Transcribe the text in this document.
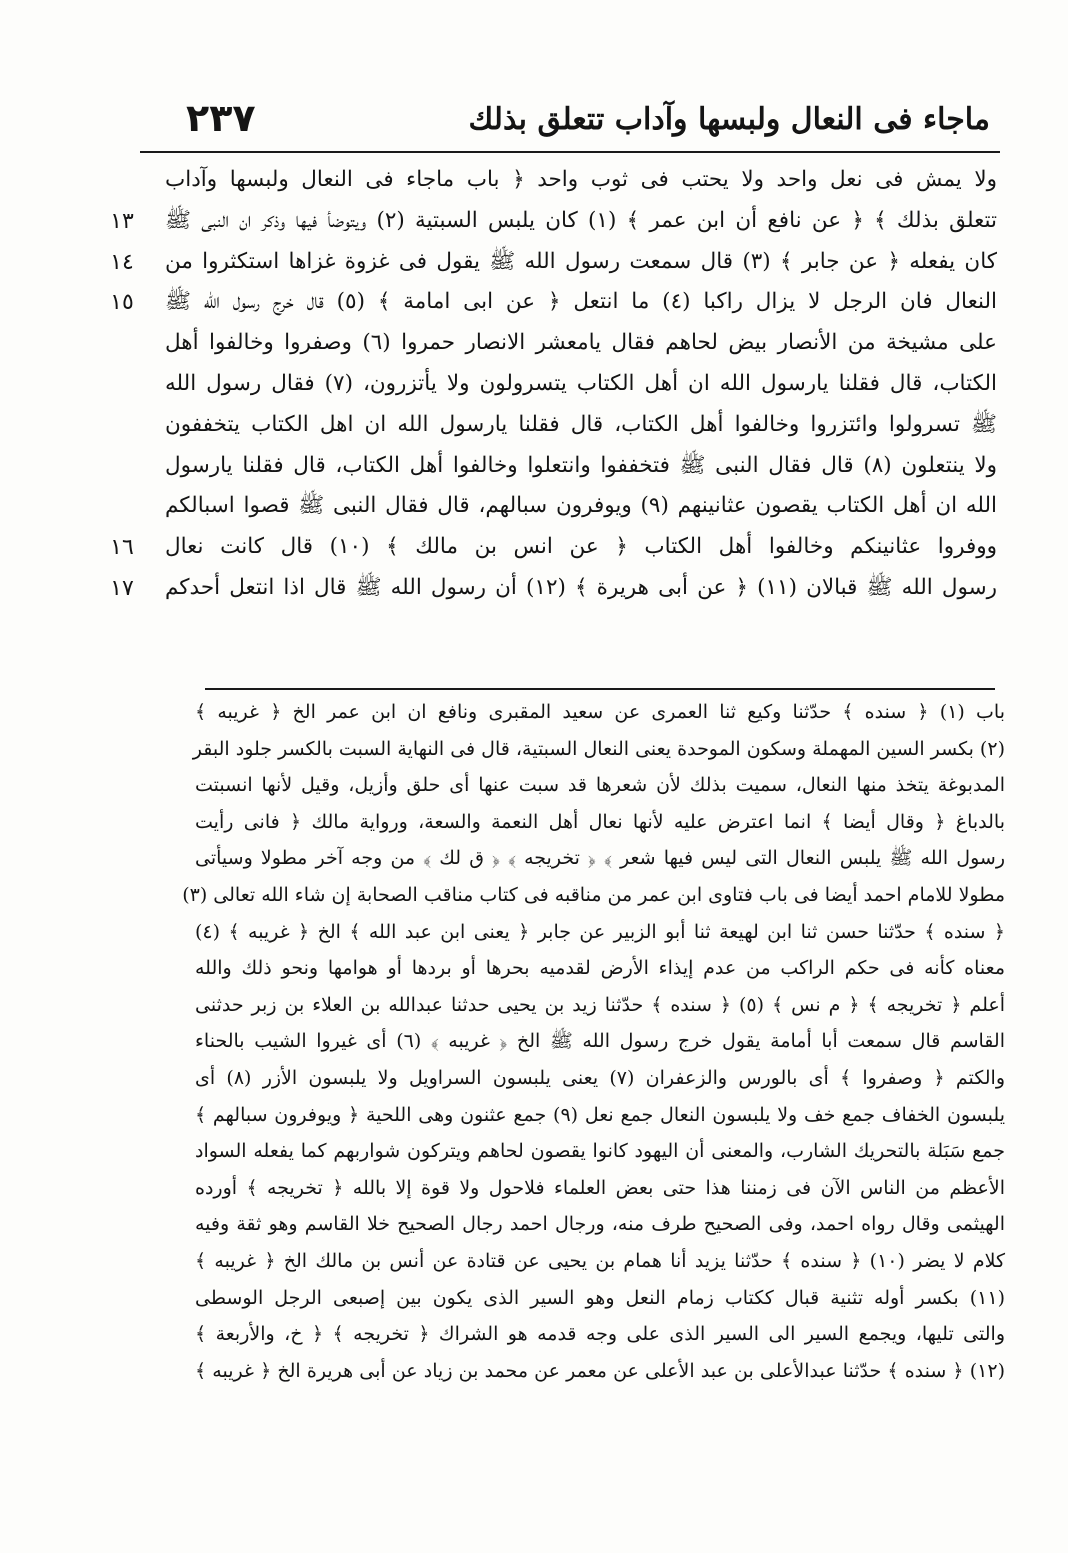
٢٣٧	ماجاء فى النعال ولبسها وآداب تتعلق بذلك
١٣
١٤
١٥
١٦
١٧
ولا يمش فى نعل واحد ولا يحتب فى ثوب واحد ﴿ باب ماجاء فى النعال ولبسها وآداب
تتعلق بذلك ﴾ ﴿ عن نافع أن ابن عمر ﴾ (١) كان يلبس السبتية (٢) ويتوضأ فيها وذكر ان النبى ﷺ
كان يفعله ﴿ عن جابر ﴾ (٣) قال سمعت رسول الله ﷺ يقول فى غزوة غزاها استكثروا من
النعال فان الرجل لا يزال راكبا (٤) ما انتعل ﴿ عن ابى امامة ﴾ (٥) قال خرج رسول الله ﷺ
على مشيخة من الأنصار بيض لحاهم فقال يامعشر الانصار حمروا (٦) وصفروا وخالفوا أهل
الكتاب، قال فقلنا يارسول الله ان أهل الكتاب يتسرولون ولا يأتزرون، (٧) فقال رسول الله
ﷺ تسرولوا وائتزروا وخالفوا أهل الكتاب، قال فقلنا يارسول الله ان اهل الكتاب يتخففون
ولا ينتعلون (٨) قال فقال النبى ﷺ فتخففوا وانتعلوا وخالفوا أهل الكتاب، قال فقلنا يارسول
الله ان أهل الكتاب يقصون عثانينهم (٩) ويوفرون سبالهم، قال فقال النبى ﷺ قصوا اسبالكم
ووفروا عثانينكم وخالفوا أهل الكتاب ﴿ عن انس بن مالك ﴾ (١٠) قال كانت نعال
رسول الله ﷺ قبالان (١١) ﴿ عن أبى هريرة ﴾ (١٢) أن رسول الله ﷺ قال اذا انتعل أحدكم
باب (١) ﴿ سنده ﴾ حدّثنا وكيع ثنا العمرى عن سعيد المقبرى ونافع ان ابن عمر الخ ﴿ غريبه ﴾
(٢) بكسر السين المهملة وسكون الموحدة يعنى النعال السبتية، قال فى النهاية السبت بالكسر جلود البقر
المدبوغة يتخذ منها النعال، سميت بذلك لأن شعرها قد سبت عنها أى حلق وأزيل، وقيل لأنها انسبتت
بالدباغ ﴿ وقال أيضا ﴾ انما اعترض عليه لأنها نعال أهل النعمة والسعة، ورواية مالك ﴿ فانى رأيت
رسول الله ﷺ يلبس النعال التى ليس فيها شعر ﴾ ﴿ تخريجه ﴾ ﴿ ق لك ﴾ من وجه آخر مطولا وسيأتى
مطولا للامام احمد أيضا فى باب فتاوى ابن عمر من مناقبه فى كتاب مناقب الصحابة إن شاء الله تعالى (٣)
﴿ سنده ﴾ حدّثنا حسن ثنا ابن لهيعة ثنا أبو الزبير عن جابر ﴿ يعنى ابن عبد الله ﴾ الخ ﴿ غريبه ﴾ (٤)
معناه كأنه فى حكم الراكب من عدم إيذاء الأرض لقدميه بحرها أو بردها أو هوامها ونحو ذلك والله
أعلم ﴿ تخريجه ﴾ ﴿ م نس ﴾ (٥) ﴿ سنده ﴾ حدّثنا زيد بن يحيى حدثنا عبدالله بن العلاء بن زبر حدثنى
القاسم قال سمعت أبا أمامة يقول خرج رسول الله ﷺ الخ ﴿ غريبه ﴾ (٦) أى غيروا الشيب بالحناء
والكتم ﴿ وصفروا ﴾ أى بالورس والزعفران (٧) يعنى يلبسون السراويل ولا يلبسون الأزر (٨) أى
يلبسون الخفاف جمع خف ولا يلبسون النعال جمع نعل (٩) جمع عثنون وهى اللحية ﴿ ويوفرون سبالهم ﴾
جمع سَبَلة بالتحريك الشارب، والمعنى أن اليهود كانوا يقصون لحاهم ويتركون شواربهم كما يفعله السواد
الأعظم من الناس الآن فى زمننا هذا حتى بعض العلماء فلاحول ولا قوة إلا بالله ﴿ تخريجه ﴾ أورده
الهيثمى وقال رواه احمد، وفى الصحيح طرف منه، ورجال احمد رجال الصحيح خلا القاسم وهو ثقة وفيه
كلام لا يضر (١٠) ﴿ سنده ﴾ حدّثنا يزيد أنا همام بن يحيى عن قتادة عن أنس بن مالك الخ ﴿ غريبه ﴾
(١١) بكسر أوله تثنية قبال ككتاب زمام النعل وهو السير الذى يكون بين إصبعى الرجل الوسطى
والتى تليها، ويجمع السير الى السير الذى على وجه قدمه هو الشراك ﴿ تخريجه ﴾ ﴿ خ، والأربعة ﴾
(١٢) ﴿ سنده ﴾ حدّثنا عبدالأعلى بن عبد الأعلى عن معمر عن محمد بن زياد عن أبى هريرة الخ ﴿ غريبه ﴾
